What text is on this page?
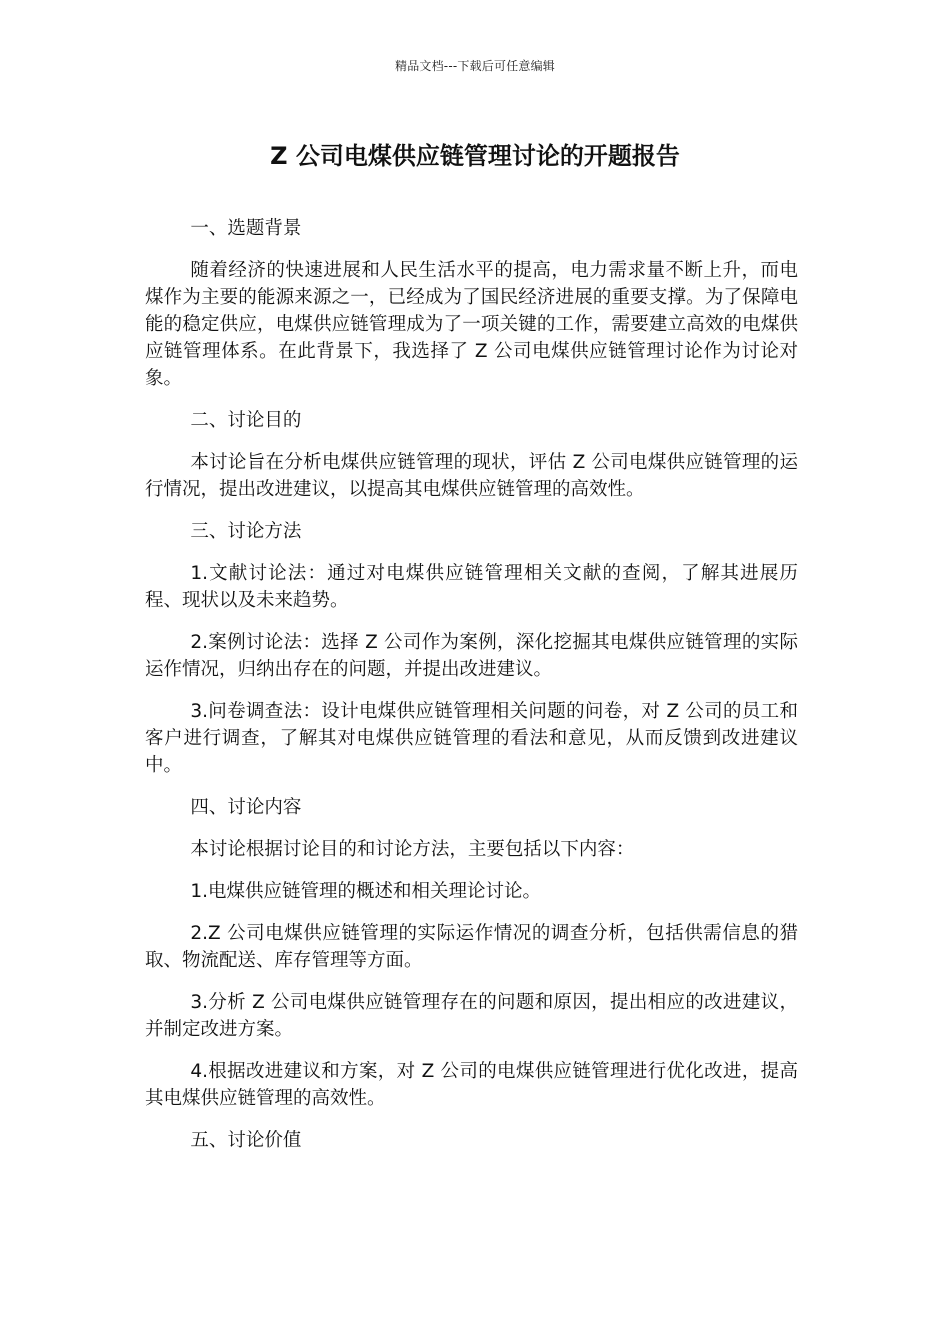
精品文档---下载后可任意编辑
Z 公司电煤供应链管理讨论的开题报告

一、选题背景

随着经济的快速进展和人民生活水平的提高，电力需求量不断上升，而电煤作为主要的能源来源之一，已经成为了国民经济进展的重要支撑。为了保障电能的稳定供应，电煤供应链管理成为了一项关键的工作，需要建立高效的电煤供应链管理体系。在此背景下，我选择了 Z 公司电煤供应链管理讨论作为讨论对象。

二、讨论目的

本讨论旨在分析电煤供应链管理的现状，评估 Z 公司电煤供应链管理的运行情况，提出改进建议，以提高其电煤供应链管理的高效性。

三、讨论方法

1.文献讨论法：通过对电煤供应链管理相关文献的查阅，了解其进展历程、现状以及未来趋势。

2.案例讨论法：选择 Z 公司作为案例，深化挖掘其电煤供应链管理的实际运作情况，归纳出存在的问题，并提出改进建议。

3.问卷调查法：设计电煤供应链管理相关问题的问卷，对 Z 公司的员工和客户进行调查，了解其对电煤供应链管理的看法和意见，从而反馈到改进建议中。

四、讨论内容

本讨论根据讨论目的和讨论方法，主要包括以下内容：

1.电煤供应链管理的概述和相关理论讨论。

2.Z 公司电煤供应链管理的实际运作情况的调查分析，包括供需信息的猎取、物流配送、库存管理等方面。

3.分析 Z 公司电煤供应链管理存在的问题和原因，提出相应的改进建议，并制定改进方案。

4.根据改进建议和方案，对 Z 公司的电煤供应链管理进行优化改进，提高其电煤供应链管理的高效性。

五、讨论价值
